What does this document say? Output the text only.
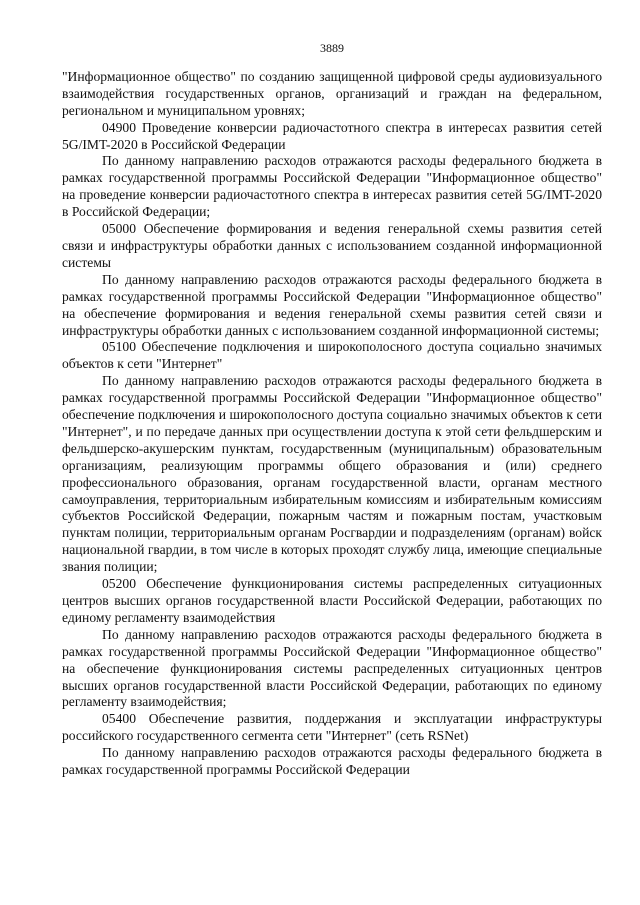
3889

"Информационное общество" по созданию защищенной цифровой среды аудиовизуального взаимодействия государственных органов, организаций и граждан на федеральном, региональном и муниципальном уровнях;

04900 Проведение конверсии радиочастотного спектра в интересах развития сетей 5G/IMT-2020 в Российской Федерации

По данному направлению расходов отражаются расходы федерального бюджета в рамках государственной программы Российской Федерации "Информационное общество" на проведение конверсии радиочастотного спектра в интересах развития сетей 5G/IMT-2020 в Российской Федерации;

05000 Обеспечение формирования и ведения генеральной схемы развития сетей связи и инфраструктуры обработки данных с использованием созданной информационной системы

По данному направлению расходов отражаются расходы федерального бюджета в рамках государственной программы Российской Федерации "Информационное общество" на обеспечение формирования и ведения генеральной схемы развития сетей связи и инфраструктуры обработки данных с использованием созданной информационной системы;

05100 Обеспечение подключения и широкополосного доступа социально значимых объектов к сети "Интернет"

По данному направлению расходов отражаются расходы федерального бюджета в рамках государственной программы Российской Федерации "Информационное общество" обеспечение подключения и широкополосного доступа социально значимых объектов к сети "Интернет", и по передаче данных при осуществлении доступа к этой сети фельдшерским и фельдшерско-акушерским пунктам, государственным (муниципальным) образовательным организациям, реализующим программы общего образования и (или) среднего профессионального образования, органам государственной власти, органам местного самоуправления, территориальным избирательным комиссиям и избирательным комиссиям субъектов Российской Федерации, пожарным частям и пожарным постам, участковым пунктам полиции, территориальным органам Росгвардии и подразделениям (органам) войск национальной гвардии, в том числе в которых проходят службу лица, имеющие специальные звания полиции;

05200 Обеспечение функционирования системы распределенных ситуационных центров высших органов государственной власти Российской Федерации, работающих по единому регламенту взаимодействия

По данному направлению расходов отражаются расходы федерального бюджета в рамках государственной программы Российской Федерации "Информационное общество" на обеспечение функционирования системы распределенных ситуационных центров высших органов государственной власти Российской Федерации, работающих по единому регламенту взаимодействия;

05400 Обеспечение развития, поддержания и эксплуатации инфраструктуры российского государственного сегмента сети "Интернет" (сеть RSNet)

По данному направлению расходов отражаются расходы федерального бюджета в рамках государственной программы Российской Федерации
